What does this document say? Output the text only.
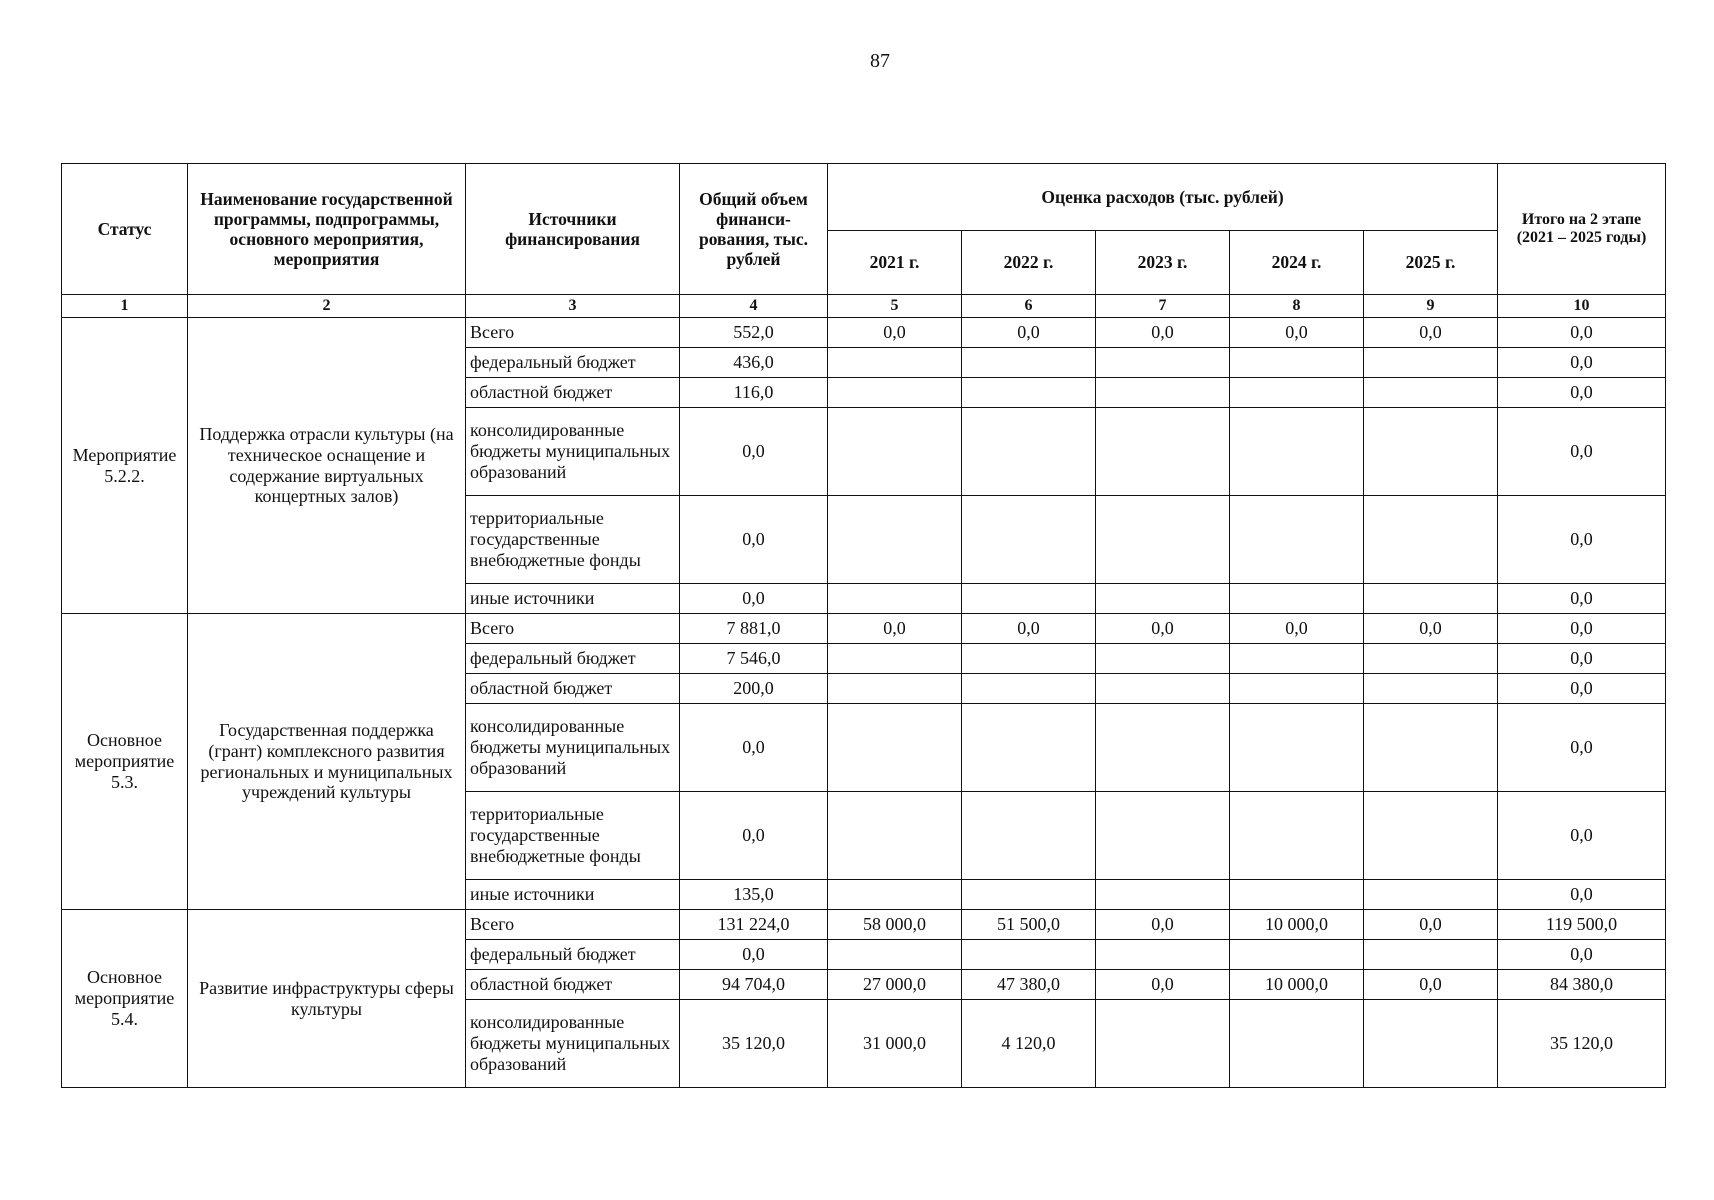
87
Статус	Наименование государственной программы, подпрограммы, основного мероприятия, мероприятия	Источники финансирования	Общий объем финанси-рования, тыс. рублей	Оценка расходов (тыс. рублей)					Итого на 2 этапе (2021 – 2025 годы)
				2021 г.	2022 г.	2023 г.	2024 г.	2025 г.	
1	2	3	4	5	6	7	8	9	10
Мероприятие 5.2.2.	Поддержка отрасли культуры (на техническое оснащение и содержание виртуальных концертных залов)	Всего	552,0	0,0	0,0	0,0	0,0	0,0	0,0
		федеральный бюджет	436,0						0,0
		областной бюджет	116,0						0,0
		консолидированные бюджеты муниципальных образований	0,0						0,0
		территориальные государственные внебюджетные фонды	0,0						0,0
		иные источники	0,0						0,0
Основное мероприятие 5.3.	Государственная поддержка (грант) комплексного развития региональных и муниципальных учреждений культуры	Всего	7 881,0	0,0	0,0	0,0	0,0	0,0	0,0
		федеральный бюджет	7 546,0						0,0
		областной бюджет	200,0						0,0
		консолидированные бюджеты муниципальных образований	0,0						0,0
		территориальные государственные внебюджетные фонды	0,0						0,0
		иные источники	135,0						0,0
Основное мероприятие 5.4.	Развитие инфраструктуры сферы культуры	Всего	131 224,0	58 000,0	51 500,0	0,0	10 000,0	0,0	119 500,0
		федеральный бюджет	0,0						0,0
		областной бюджет	94 704,0	27 000,0	47 380,0	0,0	10 000,0	0,0	84 380,0
		консолидированные бюджеты муниципальных образований	35 120,0	31 000,0	4 120,0				35 120,0
